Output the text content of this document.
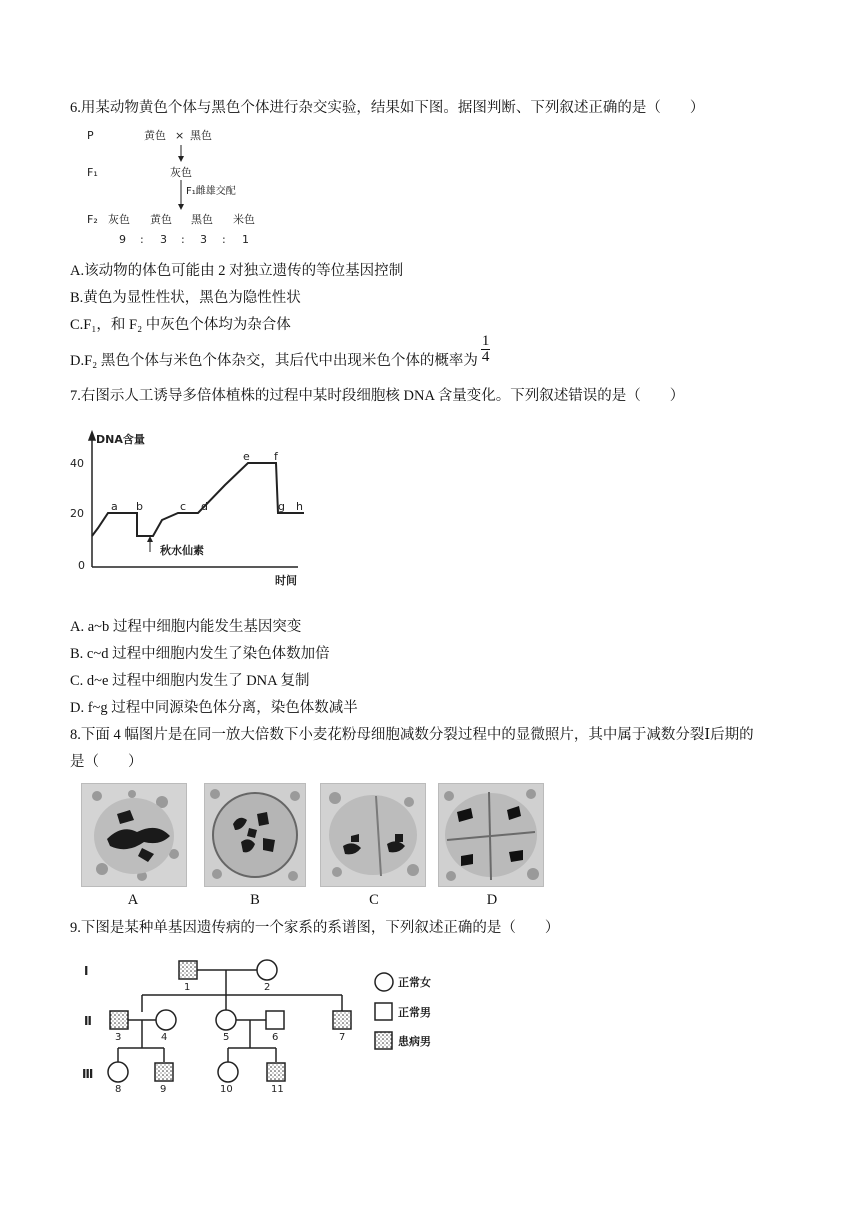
6.用某动物黄色个体与黑色个体进行杂交实验，结果如下图。据图判断、下列叙述正确的是（　　）
P	黄色 × 黑色
F₁	灰色
F₁雌雄交配
F₂ 灰色 黄色 黑色 米色
9 : 3 : 3 : 1
A.该动物的体色可能由 2 对独立遗传的等位基因控制
B.黄色为显性性状，黑色为隐性性状
C.F₁，和 F₂ 中灰色个体均为杂合体
D.F₂ 黑色个体与米色个体杂交，其后代中出现米色个体的概率为 $\frac{1}{4}$
7.右图示人工诱导多倍体植株的过程中某时段细胞核 DNA 含量变化。下列叙述错误的是（　　）
DNA含量
40
20
0
a b	c d
e f
g h
秋水仙素
时间
A. a~b 过程中细胞内能发生基因突变
B. c~d 过程中细胞内发生了染色体数加倍
C. d~e 过程中细胞内发生了 DNA 复制
D. f~g 过程中同源染色体分离，染色体数减半
8.下面 4 幅图片是在同一放大倍数下小麦花粉母细胞减数分裂过程中的显微照片，其中属于减数分裂Ⅰ后期的
是（　　）
A	B	C	D
9.下图是某种单基因遗传病的一个家系的系谱图，下列叙述正确的是（　　）
Ⅰ
Ⅱ
Ⅲ
1	2
3	4	5	6	7
8	9	10	11
正常女
正常男
患病男
